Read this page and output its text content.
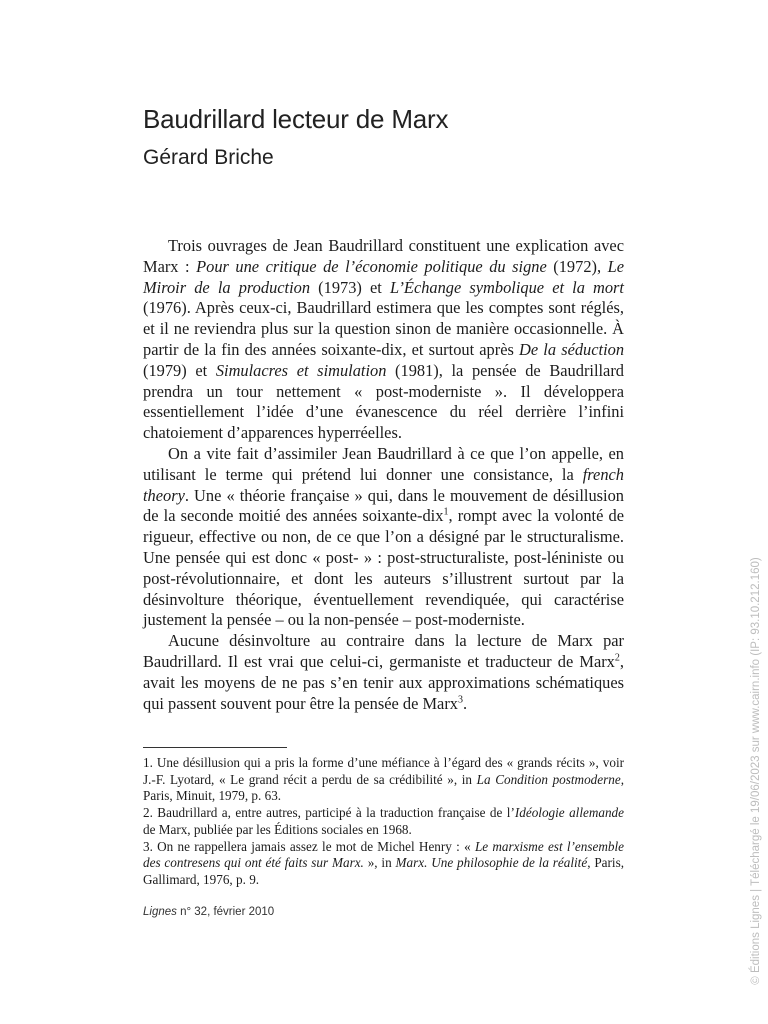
Baudrillard lecteur de Marx
Gérard Briche

Trois ouvrages de Jean Baudrillard constituent une explication avec Marx : Pour une critique de l’économie politique du signe (1972), Le Miroir de la production (1973) et L’Échange symbolique et la mort (1976). Après ceux-ci, Baudrillard estimera que les comptes sont réglés, et il ne reviendra plus sur la question sinon de manière occasionnelle. À partir de la fin des années soixante-dix, et surtout après De la séduction (1979) et Simulacres et simulation (1981), la pensée de Baudrillard prendra un tour nettement « post-moderniste ». Il développera essentiellement l’idée d’une évanescence du réel derrière l’infini chatoiement d’apparences hyperréelles.

On a vite fait d’assimiler Jean Baudrillard à ce que l’on appelle, en utilisant le terme qui prétend lui donner une consistance, la french theory. Une « théorie française » qui, dans le mouvement de désillusion de la seconde moitié des années soixante-dix$^1$, rompt avec la volonté de rigueur, effective ou non, de ce que l’on a désigné par le structuralisme. Une pensée qui est donc « post- » : post-structuraliste, post-léniniste ou post-révolutionnaire, et dont les auteurs s’illustrent surtout par la désinvolture théorique, éventuellement revendiquée, qui caractérise justement la pensée – ou la non-pensée – post-moderniste.

Aucune désinvolture au contraire dans la lecture de Marx par Baudrillard. Il est vrai que celui-ci, germaniste et traducteur de Marx$^2$, avait les moyens de ne pas s’en tenir aux approximations schématiques qui passent souvent pour être la pensée de Marx$^3$.

1. Une désillusion qui a pris la forme d’une méfiance à l’égard des « grands récits », voir J.-F. Lyotard, « Le grand récit a perdu de sa crédibilité », in La Condition postmoderne, Paris, Minuit, 1979, p. 63.

2. Baudrillard a, entre autres, participé à la traduction française de l’Idéologie allemande de Marx, publiée par les Éditions sociales en 1968.

3. On ne rappellera jamais assez le mot de Michel Henry : « Le marxisme est l’ensemble des contresens qui ont été faits sur Marx. », in Marx. Une philosophie de la réalité, Paris, Gallimard, 1976, p. 9.

Lignes n° 32, février 2010	© Éditions Lignes | Téléchargé le 19/06/2023 sur www.cairn.info (IP: 93.10.212.160)
